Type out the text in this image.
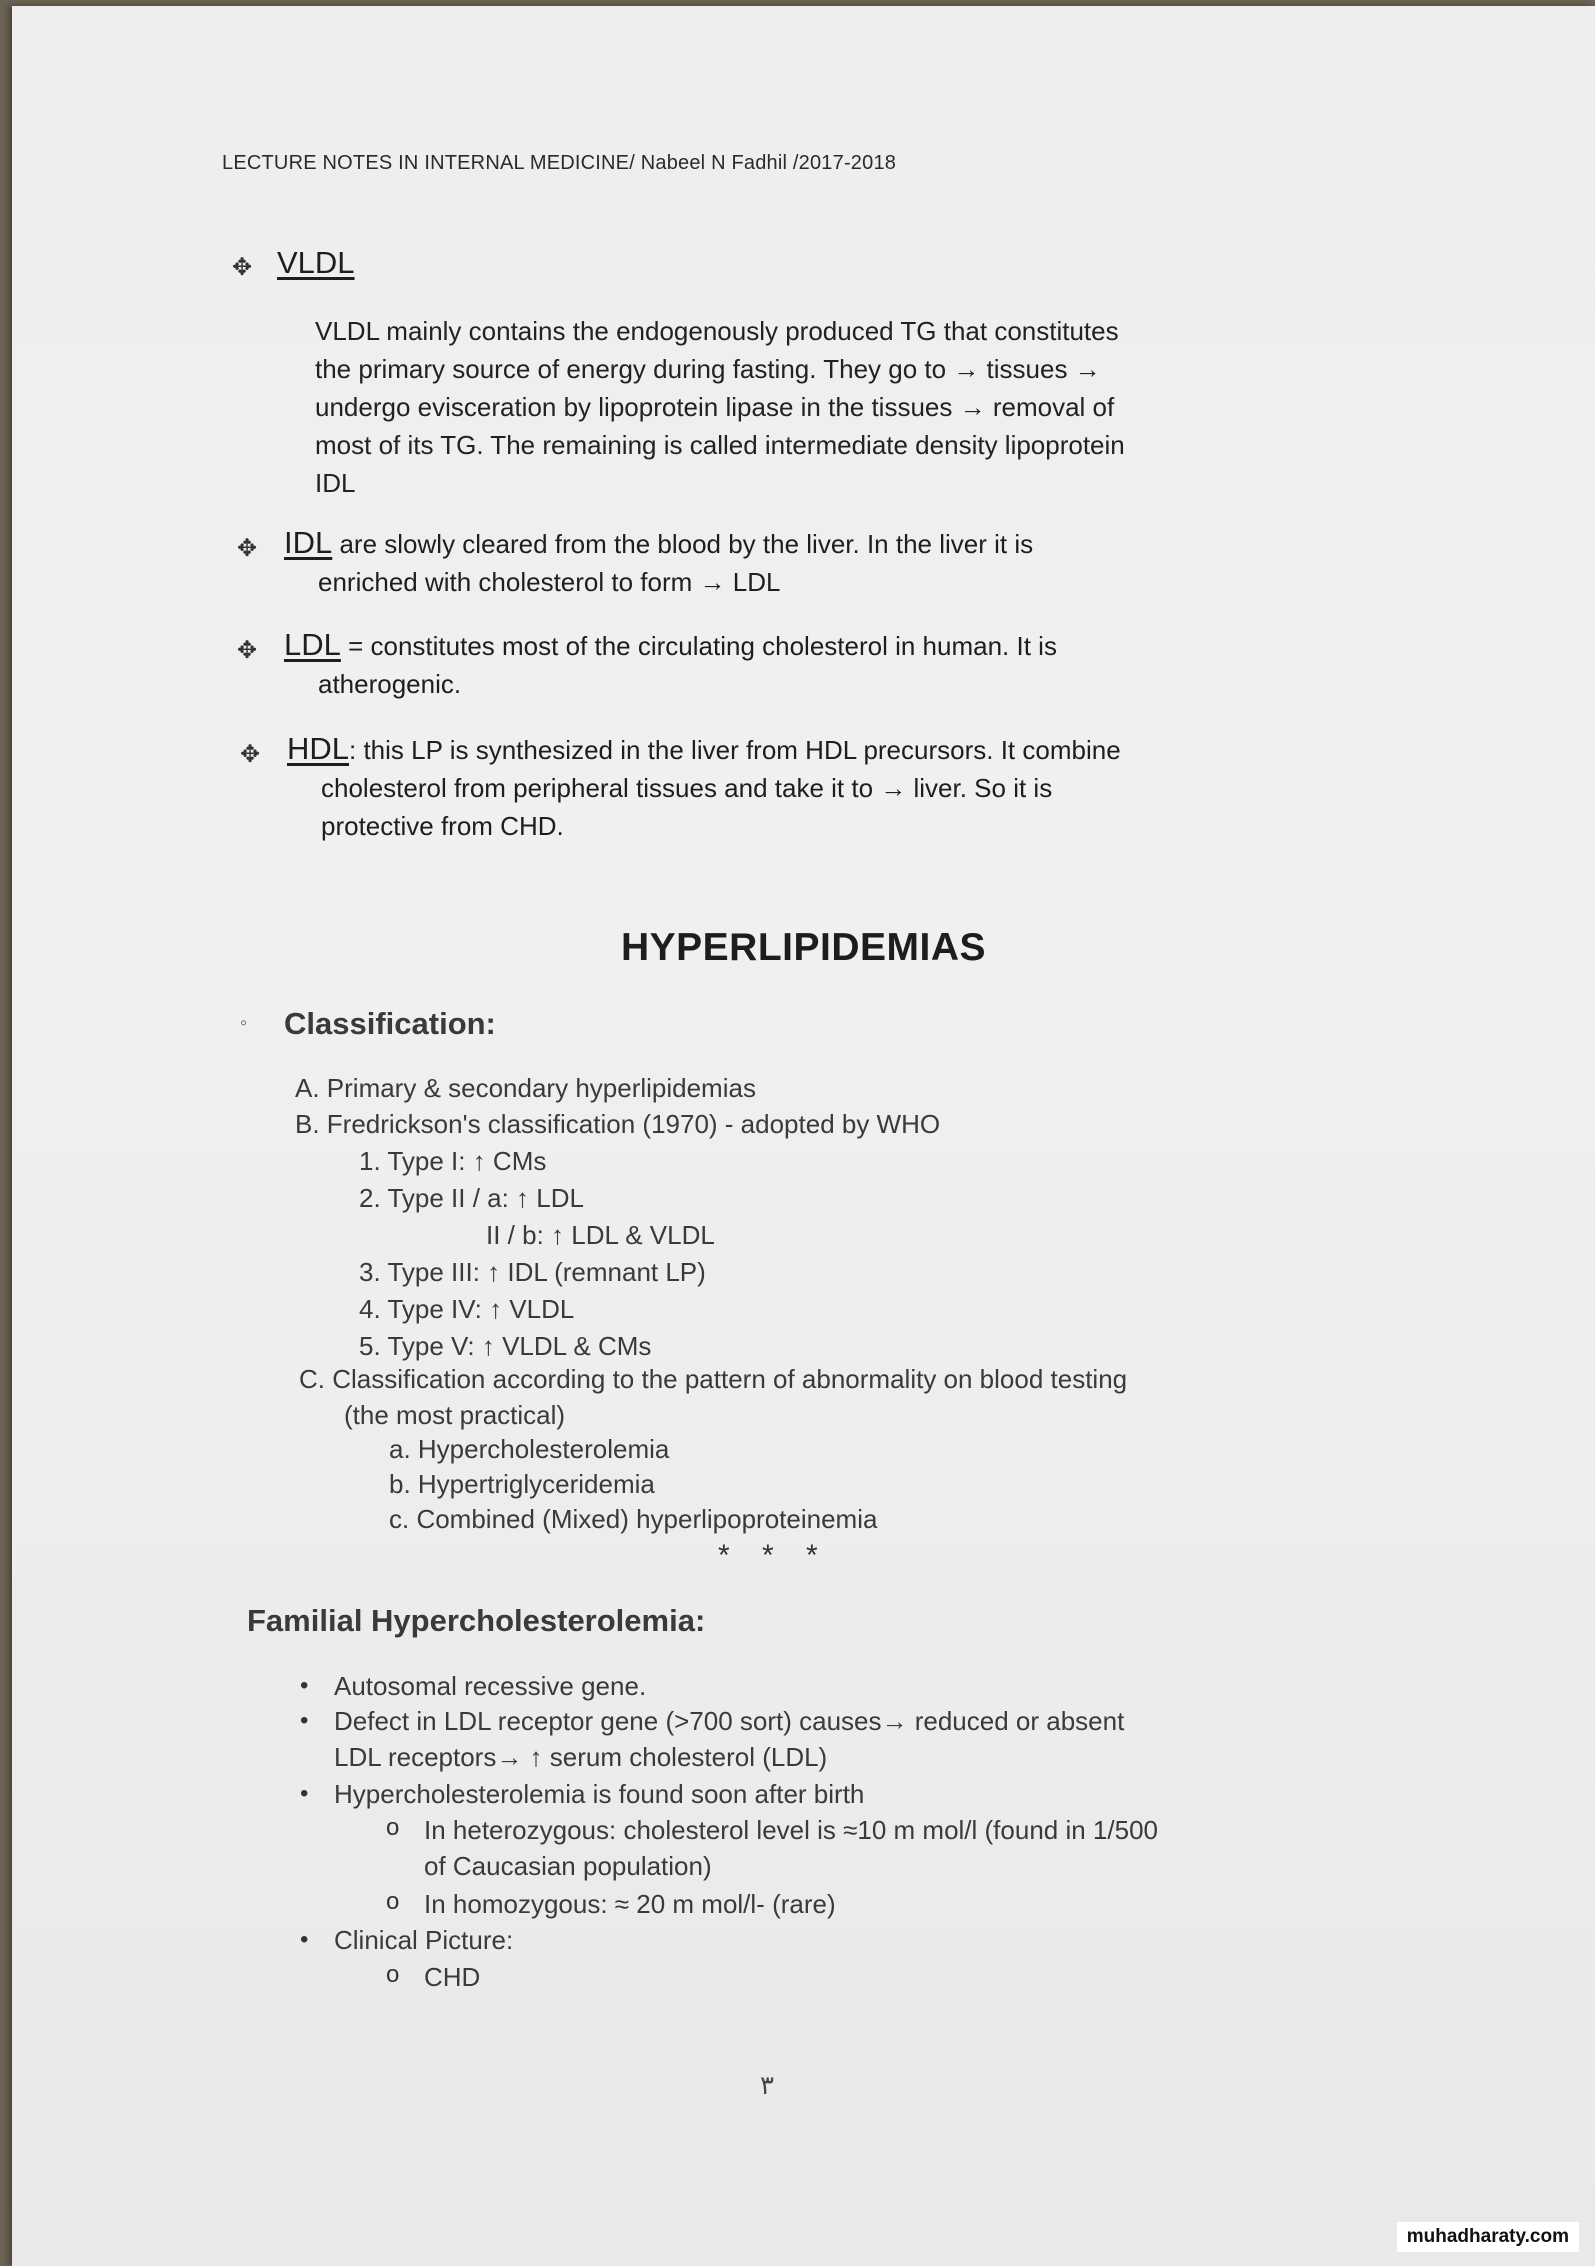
LECTURE NOTES IN INTERNAL MEDICINE/ Nabeel N Fadhil /2017-2018
✥ VLDL
VLDL mainly contains the endogenously produced TG that constitutes
the primary source of energy during fasting. They go to → tissues →
undergo evisceration by lipoprotein lipase in the tissues → removal of
most of its TG. The remaining is called intermediate density lipoprotein
IDL
✥ IDL are slowly cleared from the blood by the liver. In the liver it is
enriched with cholesterol to form → LDL
✥ LDL = constitutes most of the circulating cholesterol in human. It is
atherogenic.
✥ HDL: this LP is synthesized in the liver from HDL precursors. It combine
cholesterol from peripheral tissues and take it to → liver. So it is
protective from CHD.
HYPERLIPIDEMIAS
◦ Classification:
A. Primary & secondary hyperlipidemias
B. Fredrickson's classification (1970) - adopted by WHO
1. Type I: ↑ CMs
2. Type II / a: ↑ LDL
II / b: ↑ LDL & VLDL
3. Type III: ↑ IDL (remnant LP)
4. Type IV: ↑ VLDL
5. Type V: ↑ VLDL & CMs
C. Classification according to the pattern of abnormality on blood testing
(the most practical)
a. Hypercholesterolemia
b. Hypertriglyceridemia
c. Combined (Mixed) hyperlipoproteinemia
* * *
Familial Hypercholesterolemia:
• Autosomal recessive gene.
• Defect in LDL receptor gene (>700 sort) causes→ reduced or absent
LDL receptors→ ↑ serum cholesterol (LDL)
• Hypercholesterolemia is found soon after birth
o In heterozygous: cholesterol level is ≈10 m mol/l (found in 1/500
of Caucasian population)
o In homozygous: ≈ 20 m mol/l- (rare)
• Clinical Picture:
o CHD
٣
muhadharaty.com
